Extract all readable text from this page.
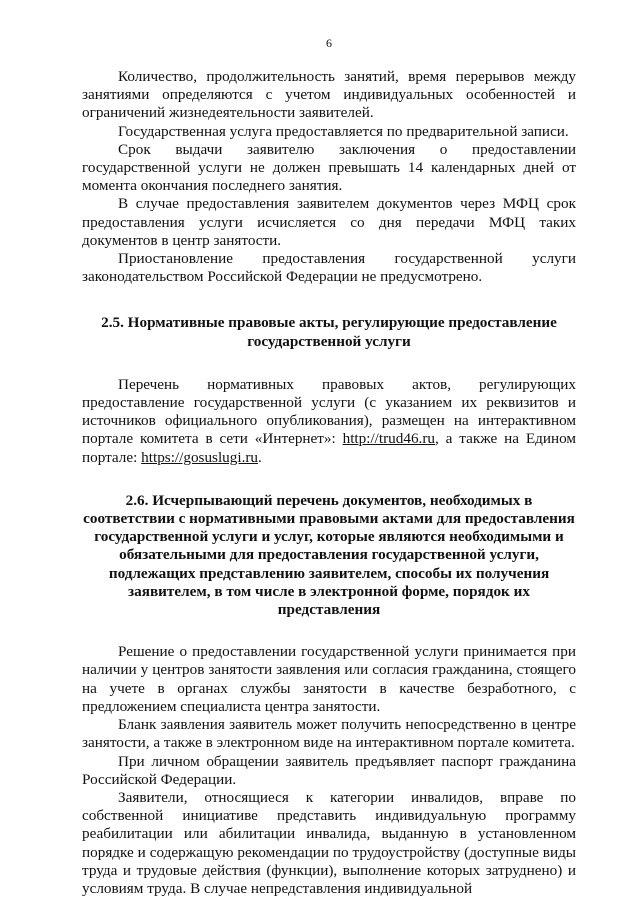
6

Количество, продолжительность занятий, время перерывов между занятиями определяются с учетом индивидуальных особенностей и ограничений жизнедеятельности заявителей.

Государственная услуга предоставляется по предварительной записи.

Срок выдачи заявителю заключения о предоставлении государственной услуги не должен превышать 14 календарных дней от момента окончания последнего занятия.

В случае предоставления заявителем документов через МФЦ срок предоставления услуги исчисляется со дня передачи МФЦ таких документов в центр занятости.

Приостановление предоставления государственной услуги законодательством Российской Федерации не предусмотрено.

2.5. Нормативные правовые акты, регулирующие предоставление государственной услуги

Перечень нормативных правовых актов, регулирующих предоставление государственной услуги (с указанием их реквизитов и источников официального опубликования), размещен на интерактивном портале комитета в сети «Интернет»: http://trud46.ru, а также на Едином портале: https://gosuslugi.ru.

2.6. Исчерпывающий перечень документов, необходимых в соответствии с нормативными правовыми актами для предоставления государственной услуги и услуг, которые являются необходимыми и обязательными для предоставления государственной услуги, подлежащих представлению заявителем, способы их получения заявителем, в том числе в электронной форме, порядок их представления

Решение о предоставлении государственной услуги принимается при наличии у центров занятости заявления или согласия гражданина, стоящего на учете в органах службы занятости в качестве безработного, с предложением специалиста центра занятости.

Бланк заявления заявитель может получить непосредственно в центре занятости, а также в электронном виде на интерактивном портале комитета.

При личном обращении заявитель предъявляет паспорт гражданина Российской Федерации.

Заявители, относящиеся к категории инвалидов, вправе по собственной инициативе представить индивидуальную программу реабилитации или абилитации инвалида, выданную в установленном порядке и содержащую рекомендации по трудоустройству (доступные виды труда и трудовые действия (функции), выполнение которых затруднено) и условиям труда. В случае непредставления индивидуальной
